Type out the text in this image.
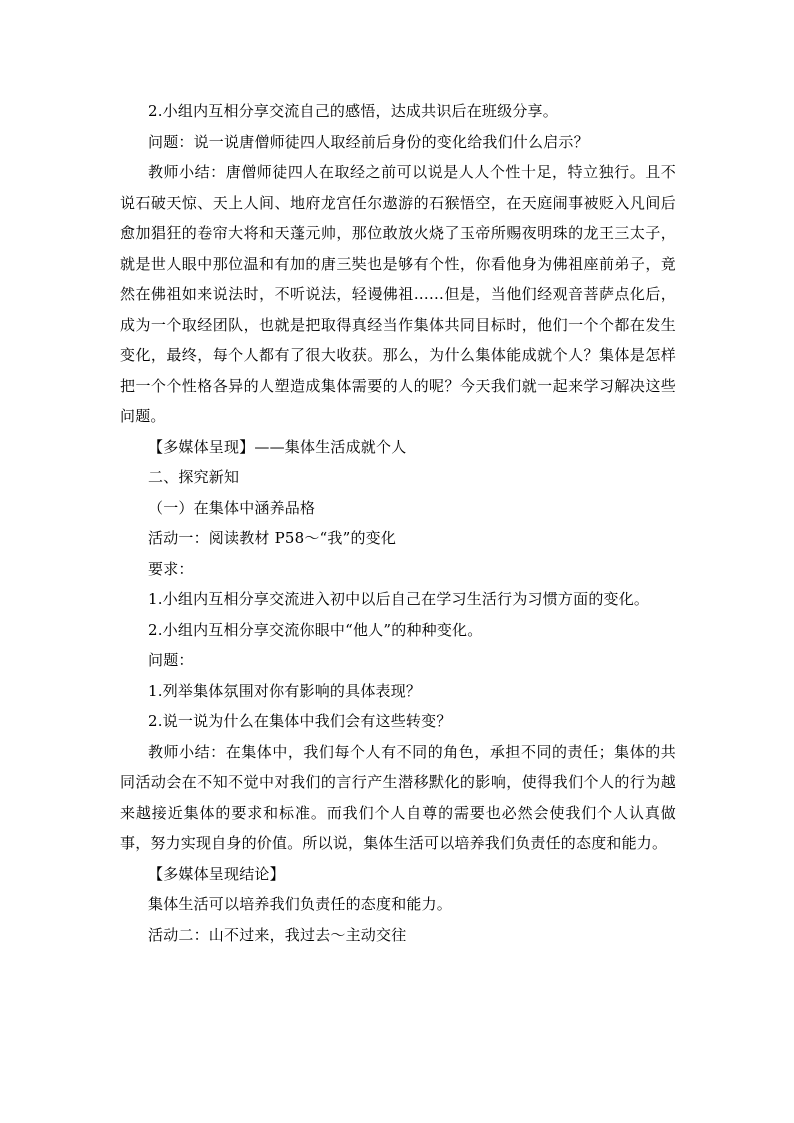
2.小组内互相分享交流自己的感悟，达成共识后在班级分享。

问题：说一说唐僧师徒四人取经前后身份的变化给我们什么启示？

教师小结：唐僧师徒四人在取经之前可以说是人人个性十足，特立独行。且不说石破天惊、天上人间、地府龙宫任尔遨游的石猴悟空，在天庭闹事被贬入凡间后愈加猖狂的卷帘大将和天蓬元帅，那位敢放火烧了玉帝所赐夜明珠的龙王三太子，就是世人眼中那位温和有加的唐三奘也是够有个性，你看他身为佛祖座前弟子，竟然在佛祖如来说法时，不听说法，轻谩佛祖……但是，当他们经观音菩萨点化后，成为一个取经团队，也就是把取得真经当作集体共同目标时，他们一个个都在发生变化，最终，每个人都有了很大收获。那么，为什么集体能成就个人？集体是怎样把一个个性格各异的人塑造成集体需要的人的呢？今天我们就一起来学习解决这些问题。

【多媒体呈现】——集体生活成就个人

二、探究新知

（一）在集体中涵养品格

活动一：阅读教材 P58～“我”的变化

要求：

1.小组内互相分享交流进入初中以后自己在学习生活行为习惯方面的变化。

2.小组内互相分享交流你眼中“他人”的种种变化。

问题：

1.列举集体氛围对你有影响的具体表现？

2.说一说为什么在集体中我们会有这些转变？

教师小结：在集体中，我们每个人有不同的角色，承担不同的责任；集体的共同活动会在不知不觉中对我们的言行产生潜移默化的影响，使得我们个人的行为越来越接近集体的要求和标准。而我们个人自尊的需要也必然会使我们个人认真做事，努力实现自身的价值。所以说，集体生活可以培养我们负责任的态度和能力。

【多媒体呈现结论】

集体生活可以培养我们负责任的态度和能力。

活动二：山不过来，我过去～主动交往
